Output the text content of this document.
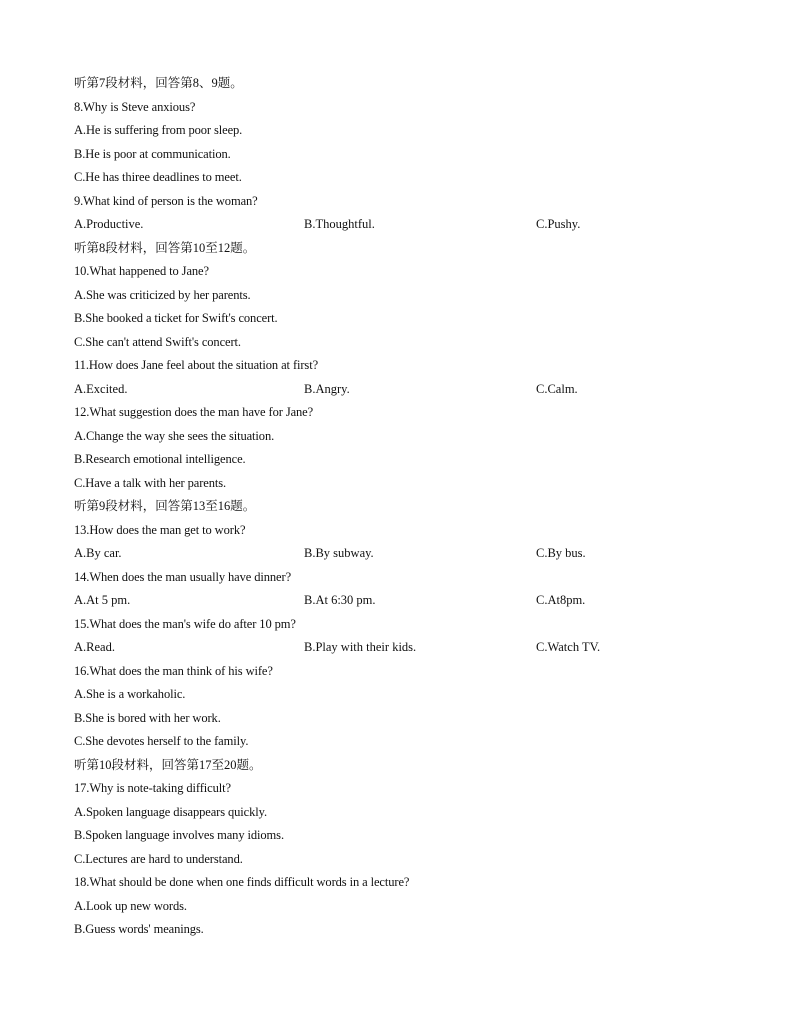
听第7段材料，回答第8、9题。
8.Why is Steve anxious?
A.He is suffering from poor sleep.
B.He is poor at communication.
C.He has thiree deadlines to meet.
9.What kind of person is the woman?
A.Productive.	B.Thoughtful.	C.Pushy.
听第8段材料，回答第10至12题。
10.What happened to Jane?
A.She was criticized by her parents.
B.She booked a ticket for Swift's concert.
C.She can't attend Swift's concert.
11.How does Jane feel about the situation at first?
A.Excited.	B.Angry.	C.Calm.
12.What suggestion does the man have for Jane?
A.Change the way she sees the situation.
B.Research emotional intelligence.
C.Have a talk with her parents.
听第9段材料，回答第13至16题。
13.How does the man get to work?
A.By car.	B.By subway.	C.By bus.
14.When does the man usually have dinner?
A.At 5 pm.	B.At 6:30 pm.	C.At8pm.
15.What does the man's wife do after 10 pm?
A.Read.	B.Play with their kids.	C.Watch TV.
16.What does the man think of his wife?
A.She is a workaholic.
B.She is bored with her work.
C.She devotes herself to the family.
听第10段材料，回答第17至20题。
17.Why is note-taking difficult?
A.Spoken language disappears quickly.
B.Spoken language involves many idioms.
C.Lectures are hard to understand.
18.What should be done when one finds difficult words in a lecture?
A.Look up new words.
B.Guess words' meanings.
